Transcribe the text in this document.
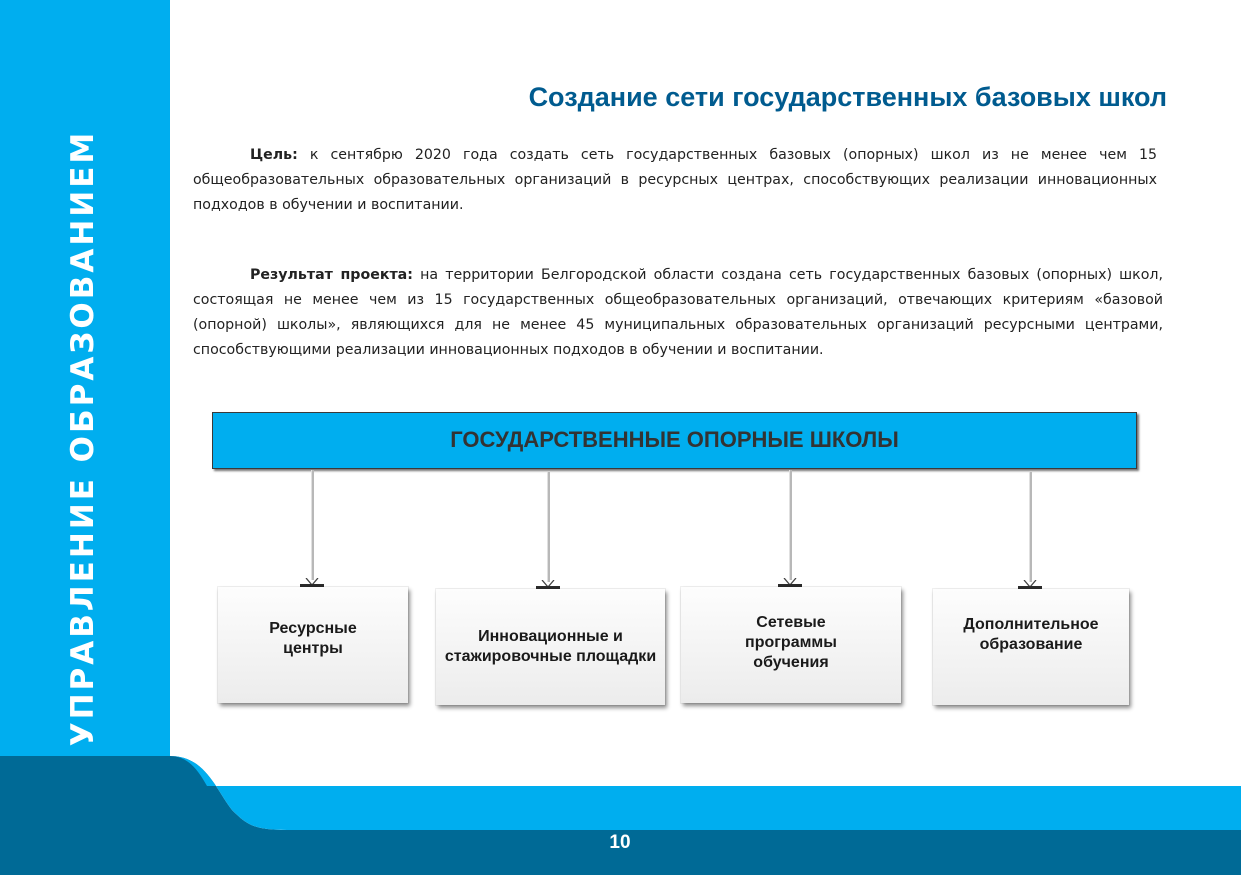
УПРАВЛЕНИЕ ОБРАЗОВАНИЕМ
10
Создание сети государственных базовых школ
Цель: к сентябрю 2020 года создать сеть государственных базовых (опорных) школ из не менее чем 15 общеобразовательных образовательных организаций в ресурсных центрах, способствующих реализации инновационных подходов в обучении и воспитании.
Результат проекта: на территории Белгородской области создана сеть государственных базовых (опорных) школ, состоящая не менее чем из 15 государственных общеобразовательных организаций, отвечающих критериям «базовой (опорной) школы», являющихся для не менее 45 муниципальных образовательных организаций ресурсными центрами, способствующими реализации инновационных подходов в обучении и воспитании.
ГОСУДАРСТВЕННЫЕ ОПОРНЫЕ ШКОЛЫ
Ресурсные
центры
Инновационные и
стажировочные площадки
Сетевые
программы
обучения
Дополнительное
образование
